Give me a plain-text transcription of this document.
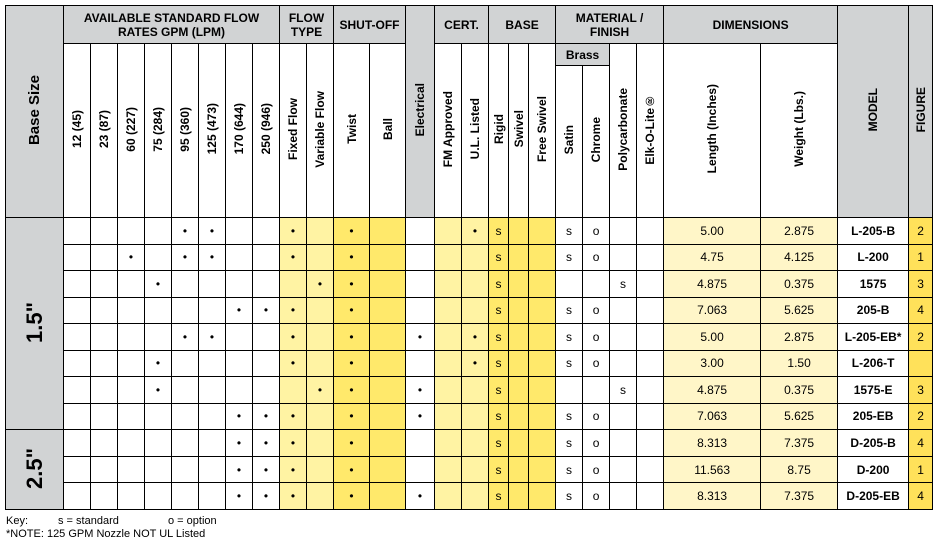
Base Size	AVAILABLE STANDARD FLOW RATES GPM (LPM)								FLOW TYPE		SHUT-OFF		Electrical	CERT.		BASE			MATERIAL / FINISH				DIMENSIONS		MODEL	FIGURE
	12 (45)	23 (87)	60 (227)	75 (284)	95 (360)	125 (473)	170 (644)	250 (946)	Fixed Flow	Variable Flow	Twist	Ball		FM Approved	U.L. Listed	Rigid	Swivel	Free Swivel	Brass		Polycarbonate	Elk-O-Lite®	Length (Inches)	Weight (Lbs.)		
																			Satin	Chrome						
1.5"					•	•			•		•				•	s			s	o			5.00	2.875	L-205-B	2
			•		•	•			•		•					s			s	o			4.75	4.125	L-200	1
				•						•	•					s					s		4.875	0.375	1575	3
							•	•	•		•					s			s	o			7.063	5.625	205-B	4
					•	•			•		•		•		•	s			s	o			5.00	2.875	L-205-EB*	2
				•					•		•				•	s			s	o			3.00	1.50	L-206-T	
				•						•	•		•			s					s		4.875	0.375	1575-E	3
							•	•	•		•		•			s			s	o			7.063	5.625	205-EB	2
2.5"							•	•	•		•					s			s	o			8.313	7.375	D-205-B	4
							•	•	•		•					s			s	o			11.563	8.75	D-200	1
							•	•	•		•		•			s			s	o			8.313	7.375	D-205-EB	4
Key:	s = standard	o = option
*NOTE: 125 GPM Nozzle NOT UL Listed
